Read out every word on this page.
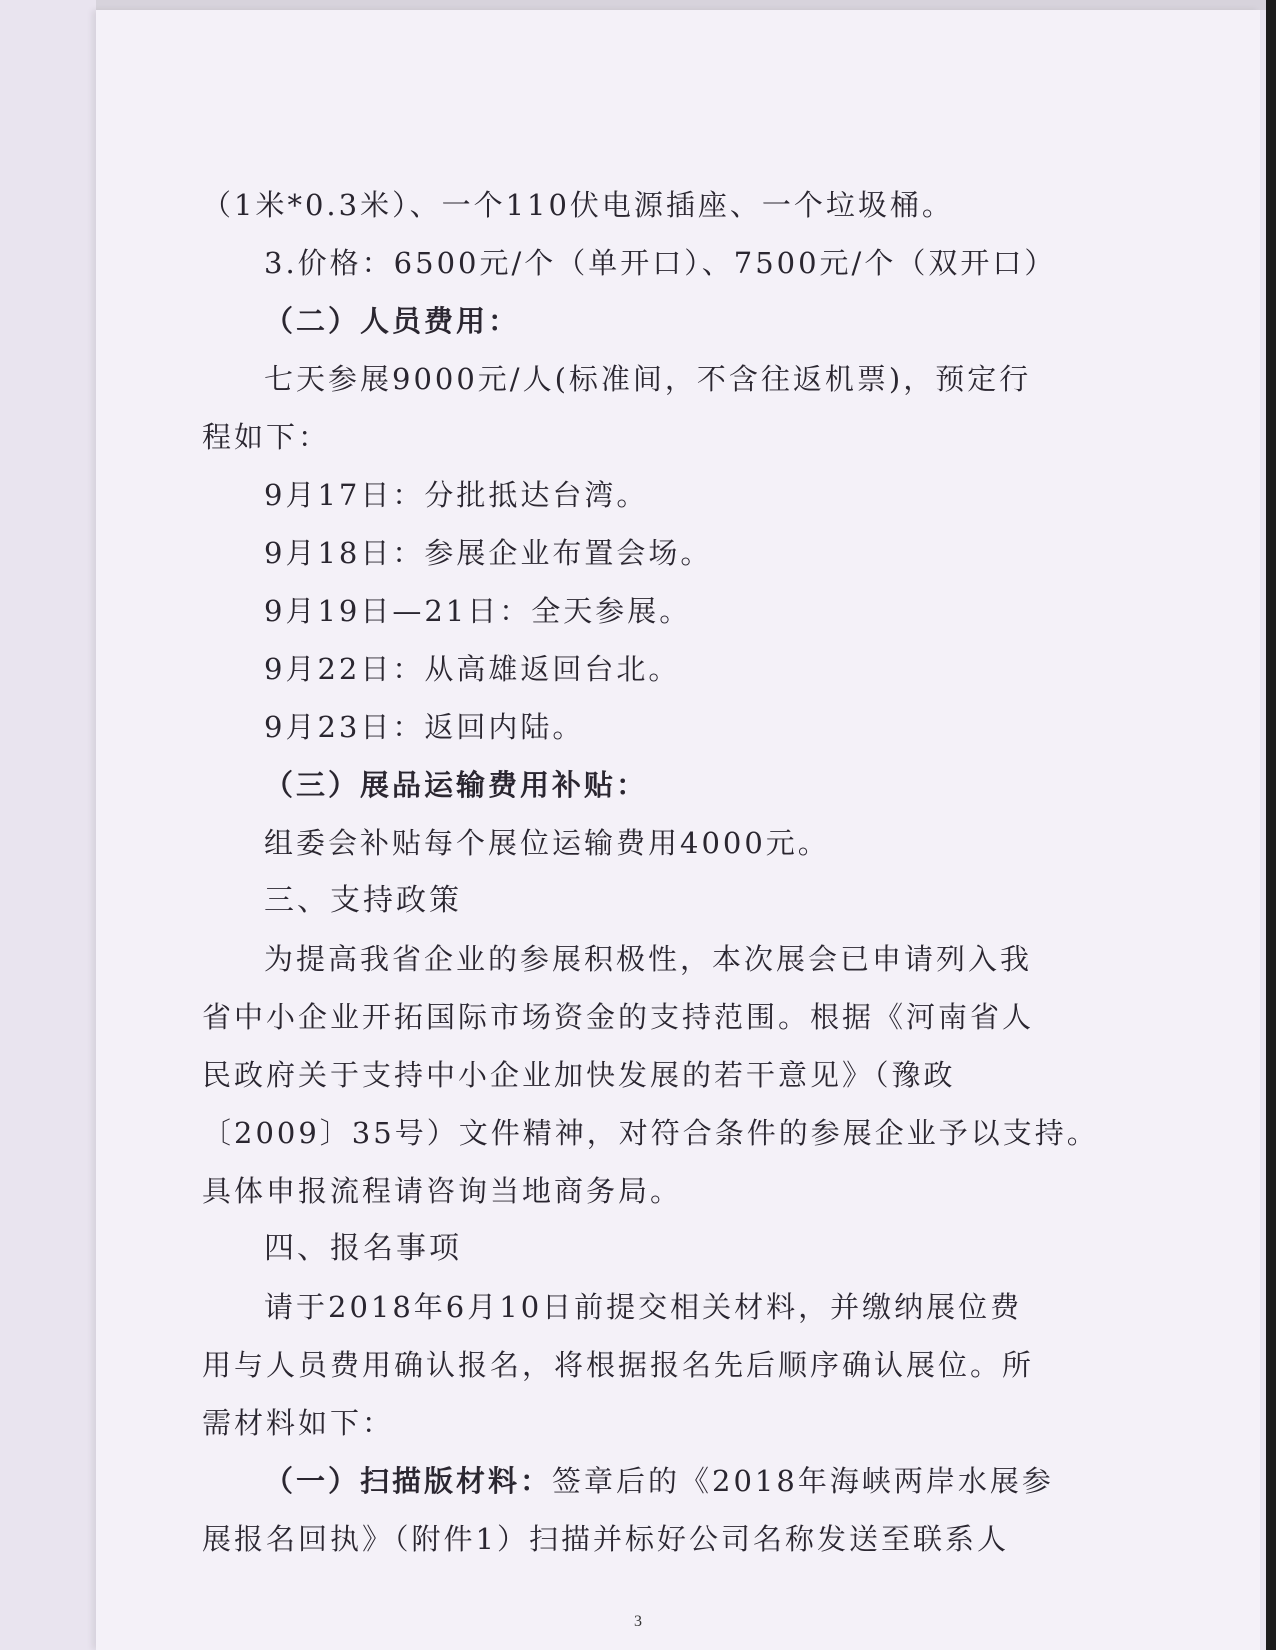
（1米*0.3米）、一个110伏电源插座、一个垃圾桶。
3.价格：6500元/个（单开口）、7500元/个（双开口）
（二）人员费用：
七天参展9000元/人(标准间，不含往返机票)，预定行
程如下：
9月17日：分批抵达台湾。
9月18日：参展企业布置会场。
9月19日—21日：全天参展。
9月22日：从高雄返回台北。
9月23日：返回内陆。
（三）展品运输费用补贴：
组委会补贴每个展位运输费用4000元。
三、支持政策
为提高我省企业的参展积极性，本次展会已申请列入我
省中小企业开拓国际市场资金的支持范围。根据《河南省人
民政府关于支持中小企业加快发展的若干意见》（豫政
〔2009〕35号）文件精神，对符合条件的参展企业予以支持。
具体申报流程请咨询当地商务局。
四、报名事项
请于2018年6月10日前提交相关材料，并缴纳展位费
用与人员费用确认报名，将根据报名先后顺序确认展位。所
需材料如下：
（一）扫描版材料：签章后的《2018年海峡两岸水展参
展报名回执》（附件1）扫描并标好公司名称发送至联系人
3
